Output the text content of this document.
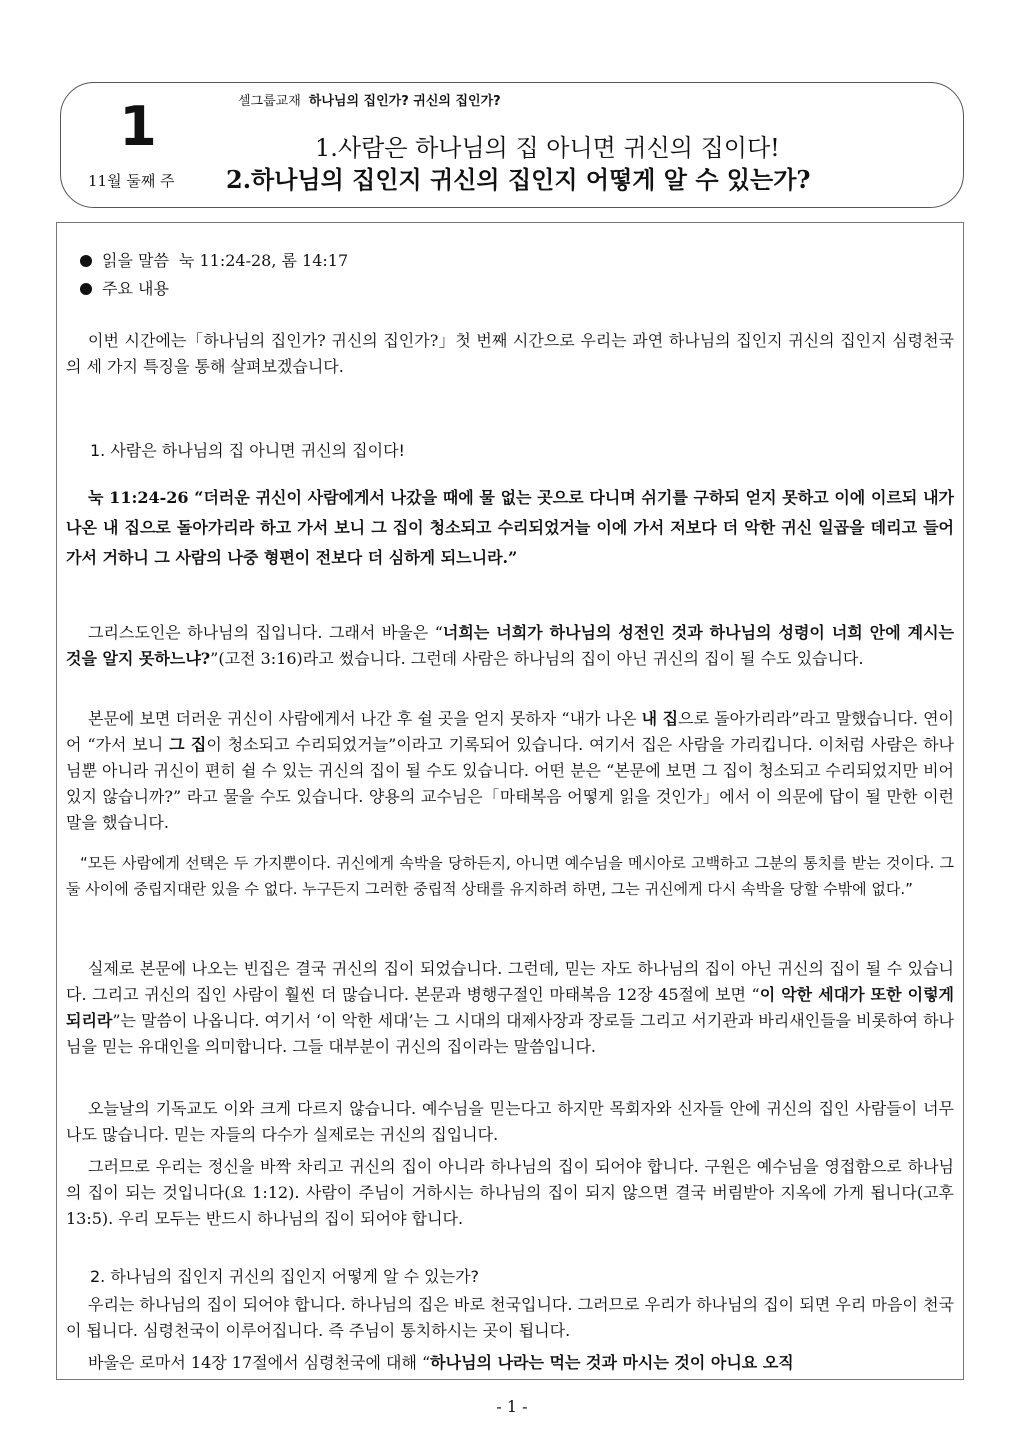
1
11월 둘째 주
셀그룹교재 하나님의 집인가? 귀신의 집인가?
1.사람은 하나님의 집 아니면 귀신의 집이다!
2.하나님의 집인지 귀신의 집인지 어떻게 알 수 있는가?
읽을 말씀 눅 11:24-28, 롬 14:17
주요 내용

이번 시간에는「하나님의 집인가? 귀신의 집인가?」첫 번째 시간으로 우리는 과연 하나님의 집인지 귀신의 집인지 심령천국의 세 가지 특징을 통해 살펴보겠습니다.

1. 사람은 하나님의 집 아니면 귀신의 집이다!

눅 11:24-26 “더러운 귀신이 사람에게서 나갔을 때에 물 없는 곳으로 다니며 쉬기를 구하되 얻지 못하고 이에 이르되 내가 나온 내 집으로 돌아가리라 하고 가서 보니 그 집이 청소되고 수리되었거늘 이에 가서 저보다 더 악한 귀신 일곱을 데리고 들어가서 거하니 그 사람의 나중 형편이 전보다 더 심하게 되느니라.”

그리스도인은 하나님의 집입니다. 그래서 바울은 “너희는 너희가 하나님의 성전인 것과 하나님의 성령이 너희 안에 계시는 것을 알지 못하느냐?”(고전 3:16)라고 썼습니다. 그런데 사람은 하나님의 집이 아닌 귀신의 집이 될 수도 있습니다.

본문에 보면 더러운 귀신이 사람에게서 나간 후 쉴 곳을 얻지 못하자 “내가 나온 내 집으로 돌아가리라”라고 말했습니다. 연이어 “가서 보니 그 집이 청소되고 수리되었거늘”이라고 기록되어 있습니다. 여기서 집은 사람을 가리킵니다. 이처럼 사람은 하나님뿐 아니라 귀신이 편히 쉴 수 있는 귀신의 집이 될 수도 있습니다. 어떤 분은 “본문에 보면 그 집이 청소되고 수리되었지만 비어 있지 않습니까?” 라고 물을 수도 있습니다. 양용의 교수님은「마태복음 어떻게 읽을 것인가」에서 이 의문에 답이 될 만한 이런 말을 했습니다.

“모든 사람에게 선택은 두 가지뿐이다. 귀신에게 속박을 당하든지, 아니면 예수님을 메시아로 고백하고 그분의 통치를 받는 것이다. 그 둘 사이에 중립지대란 있을 수 없다. 누구든지 그러한 중립적 상태를 유지하려 하면, 그는 귀신에게 다시 속박을 당할 수밖에 없다.”

실제로 본문에 나오는 빈집은 결국 귀신의 집이 되었습니다. 그런데, 믿는 자도 하나님의 집이 아닌 귀신의 집이 될 수 있습니다. 그리고 귀신의 집인 사람이 훨씬 더 많습니다. 본문과 병행구절인 마태복음 12장 45절에 보면 “이 악한 세대가 또한 이렇게 되리라”는 말씀이 나옵니다. 여기서 ‘이 악한 세대’는 그 시대의 대제사장과 장로들 그리고 서기관과 바리새인들을 비롯하여 하나님을 믿는 유대인을 의미합니다. 그들 대부분이 귀신의 집이라는 말씀입니다.

오늘날의 기독교도 이와 크게 다르지 않습니다. 예수님을 믿는다고 하지만 목회자와 신자들 안에 귀신의 집인 사람들이 너무나도 많습니다. 믿는 자들의 다수가 실제로는 귀신의 집입니다.

그러므로 우리는 정신을 바짝 차리고 귀신의 집이 아니라 하나님의 집이 되어야 합니다. 구원은 예수님을 영접함으로 하나님의 집이 되는 것입니다(요 1:12). 사람이 주님이 거하시는 하나님의 집이 되지 않으면 결국 버림받아 지옥에 가게 됩니다(고후 13:5). 우리 모두는 반드시 하나님의 집이 되어야 합니다.

2. 하나님의 집인지 귀신의 집인지 어떻게 알 수 있는가?

우리는 하나님의 집이 되어야 합니다. 하나님의 집은 바로 천국입니다. 그러므로 우리가 하나님의 집이 되면 우리 마음이 천국이 됩니다. 심령천국이 이루어집니다. 즉 주님이 통치하시는 곳이 됩니다.

바울은 로마서 14장 17절에서 심령천국에 대해 “하나님의 나라는 먹는 것과 마시는 것이 아니요 오직

- 1 -
